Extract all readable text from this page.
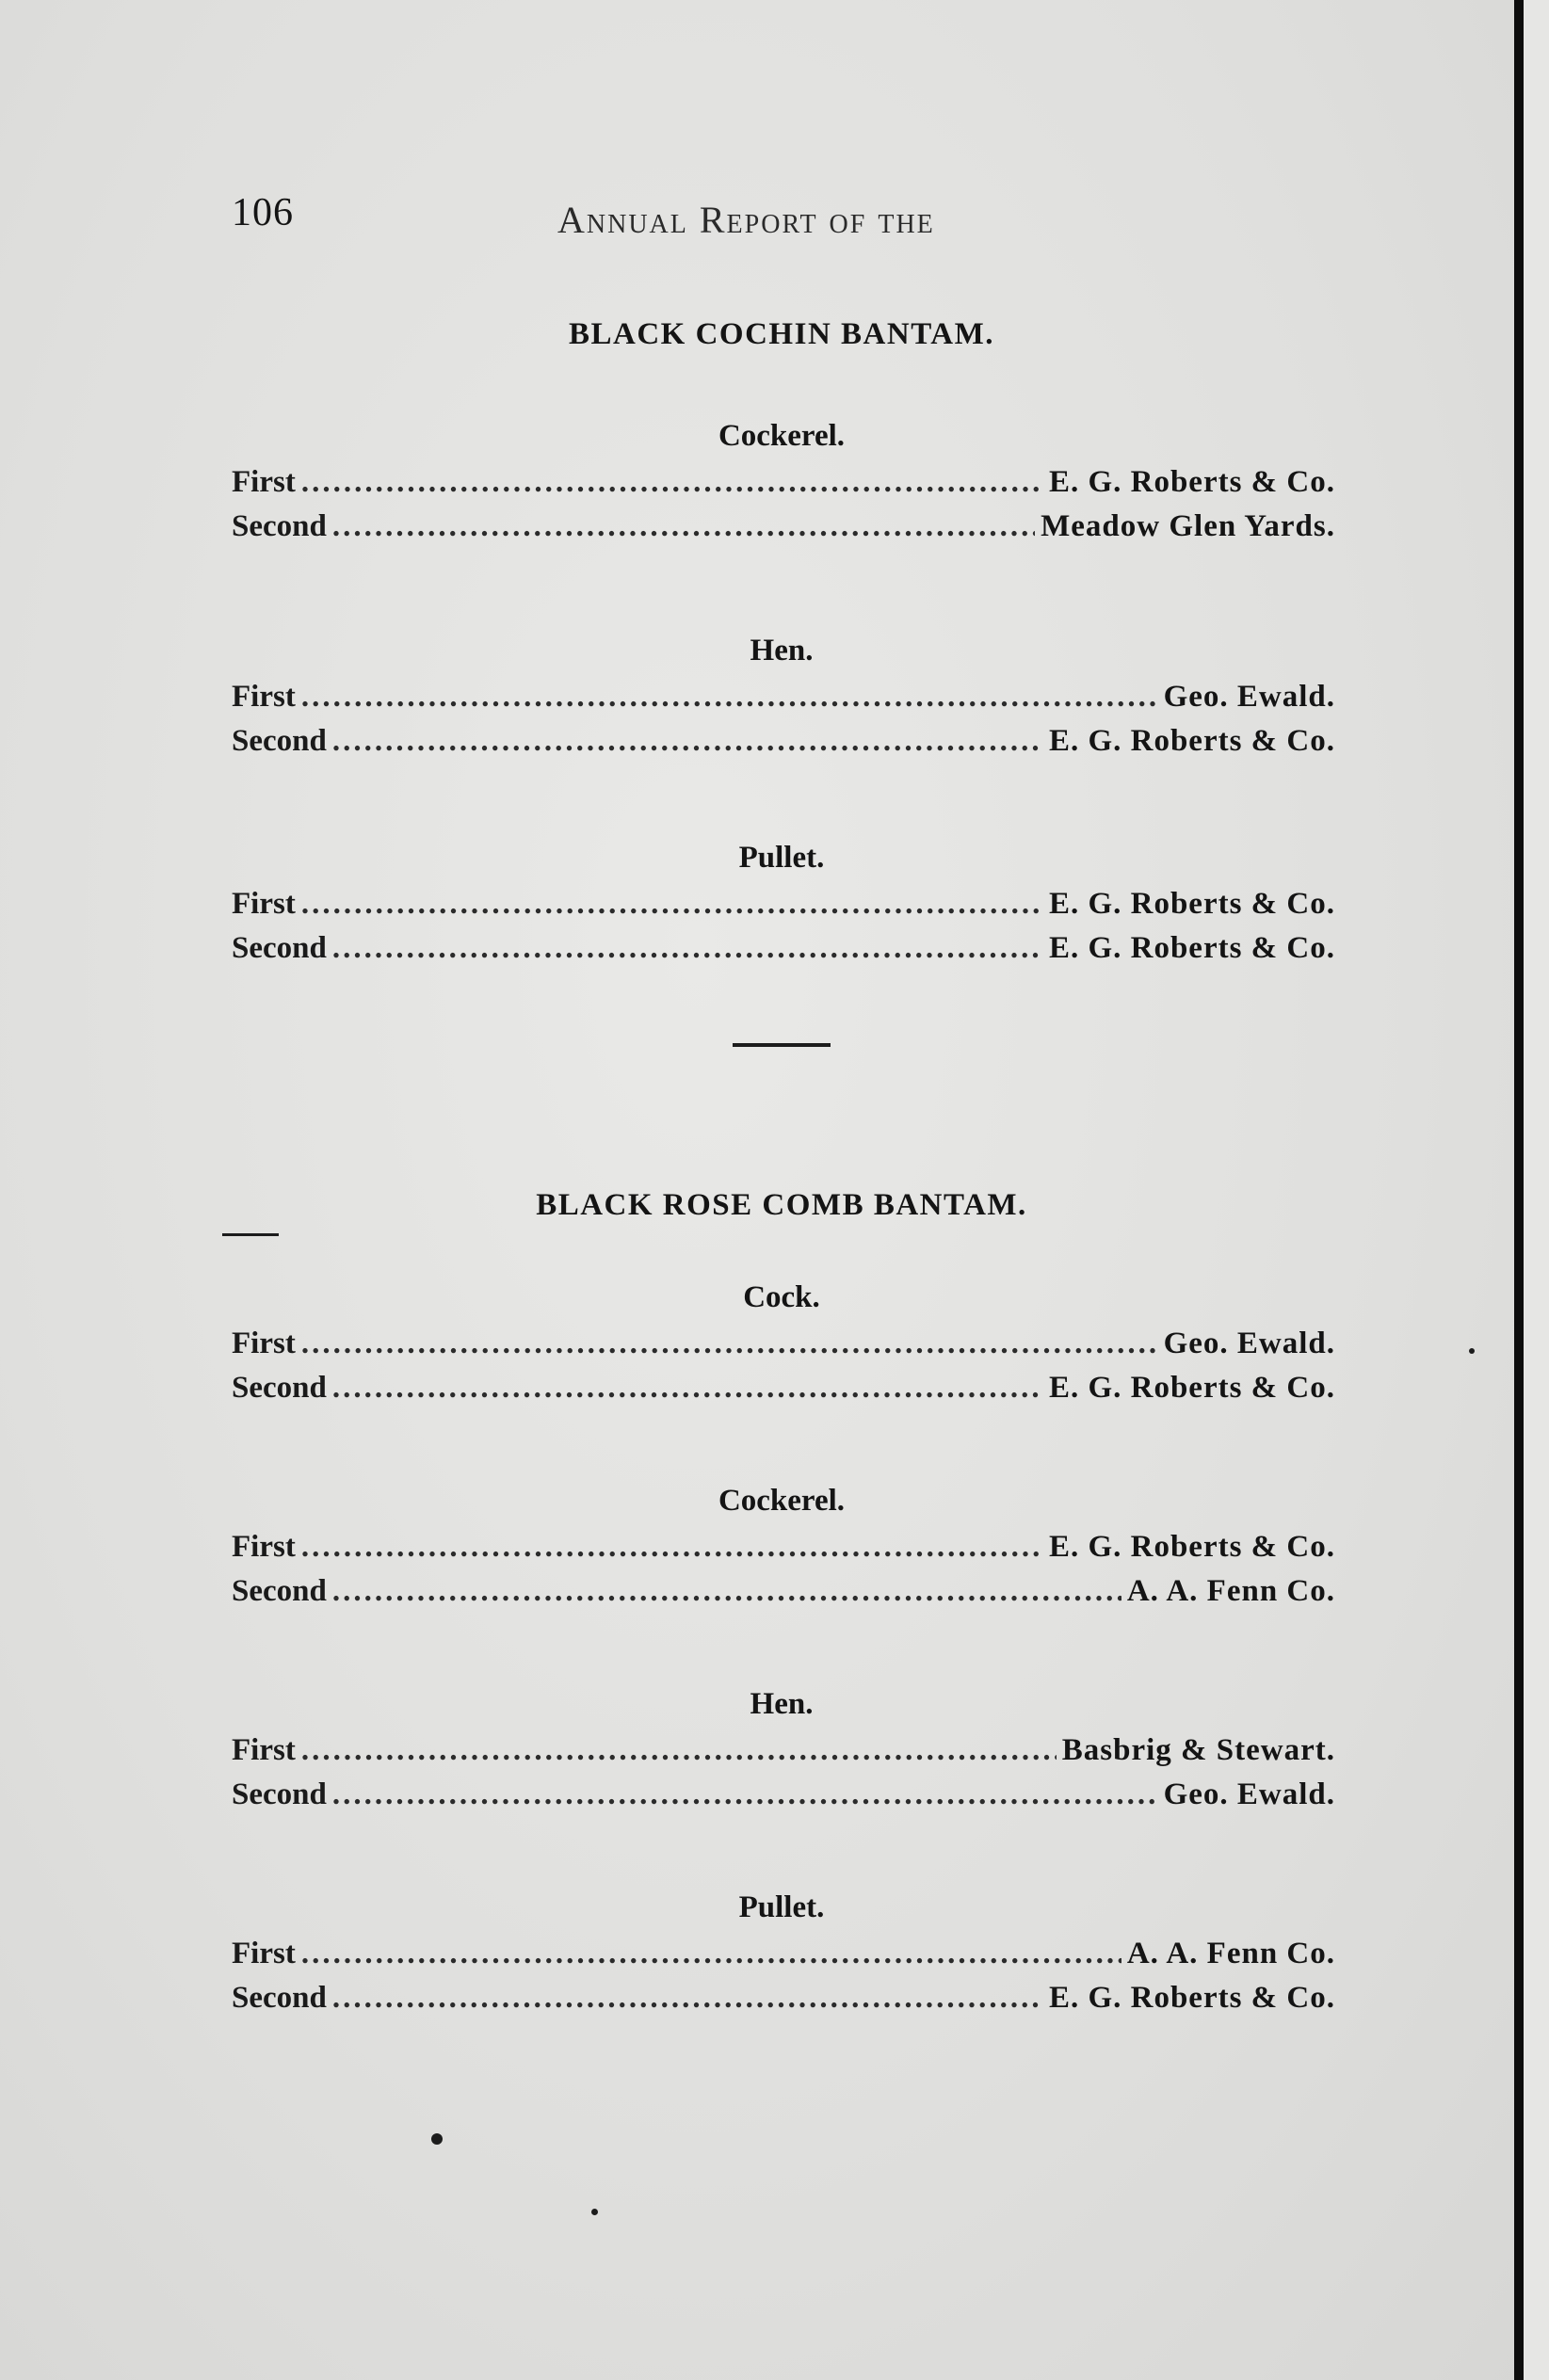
106	Annual Report of the
BLACK COCHIN BANTAM.
Cockerel.
First .....	E. G. Roberts & Co.
Second .....	Meadow Glen Yards.
Hen.
First .....	Geo. Ewald.
Second .....	E. G. Roberts & Co.
Pullet.
First .....	E. G. Roberts & Co.
Second .....	E. G. Roberts & Co.
BLACK ROSE COMB BANTAM.
Cock.
First .....	Geo. Ewald.
Second .....	E. G. Roberts & Co.
Cockerel.
First .....	E. G. Roberts & Co.
Second .....	A. A. Fenn Co.
Hen.
First .....	Basbrig & Stewart.
Second .....	Geo. Ewald.
Pullet.
First .....	A. A. Fenn Co.
Second .....	E. G. Roberts & Co.
